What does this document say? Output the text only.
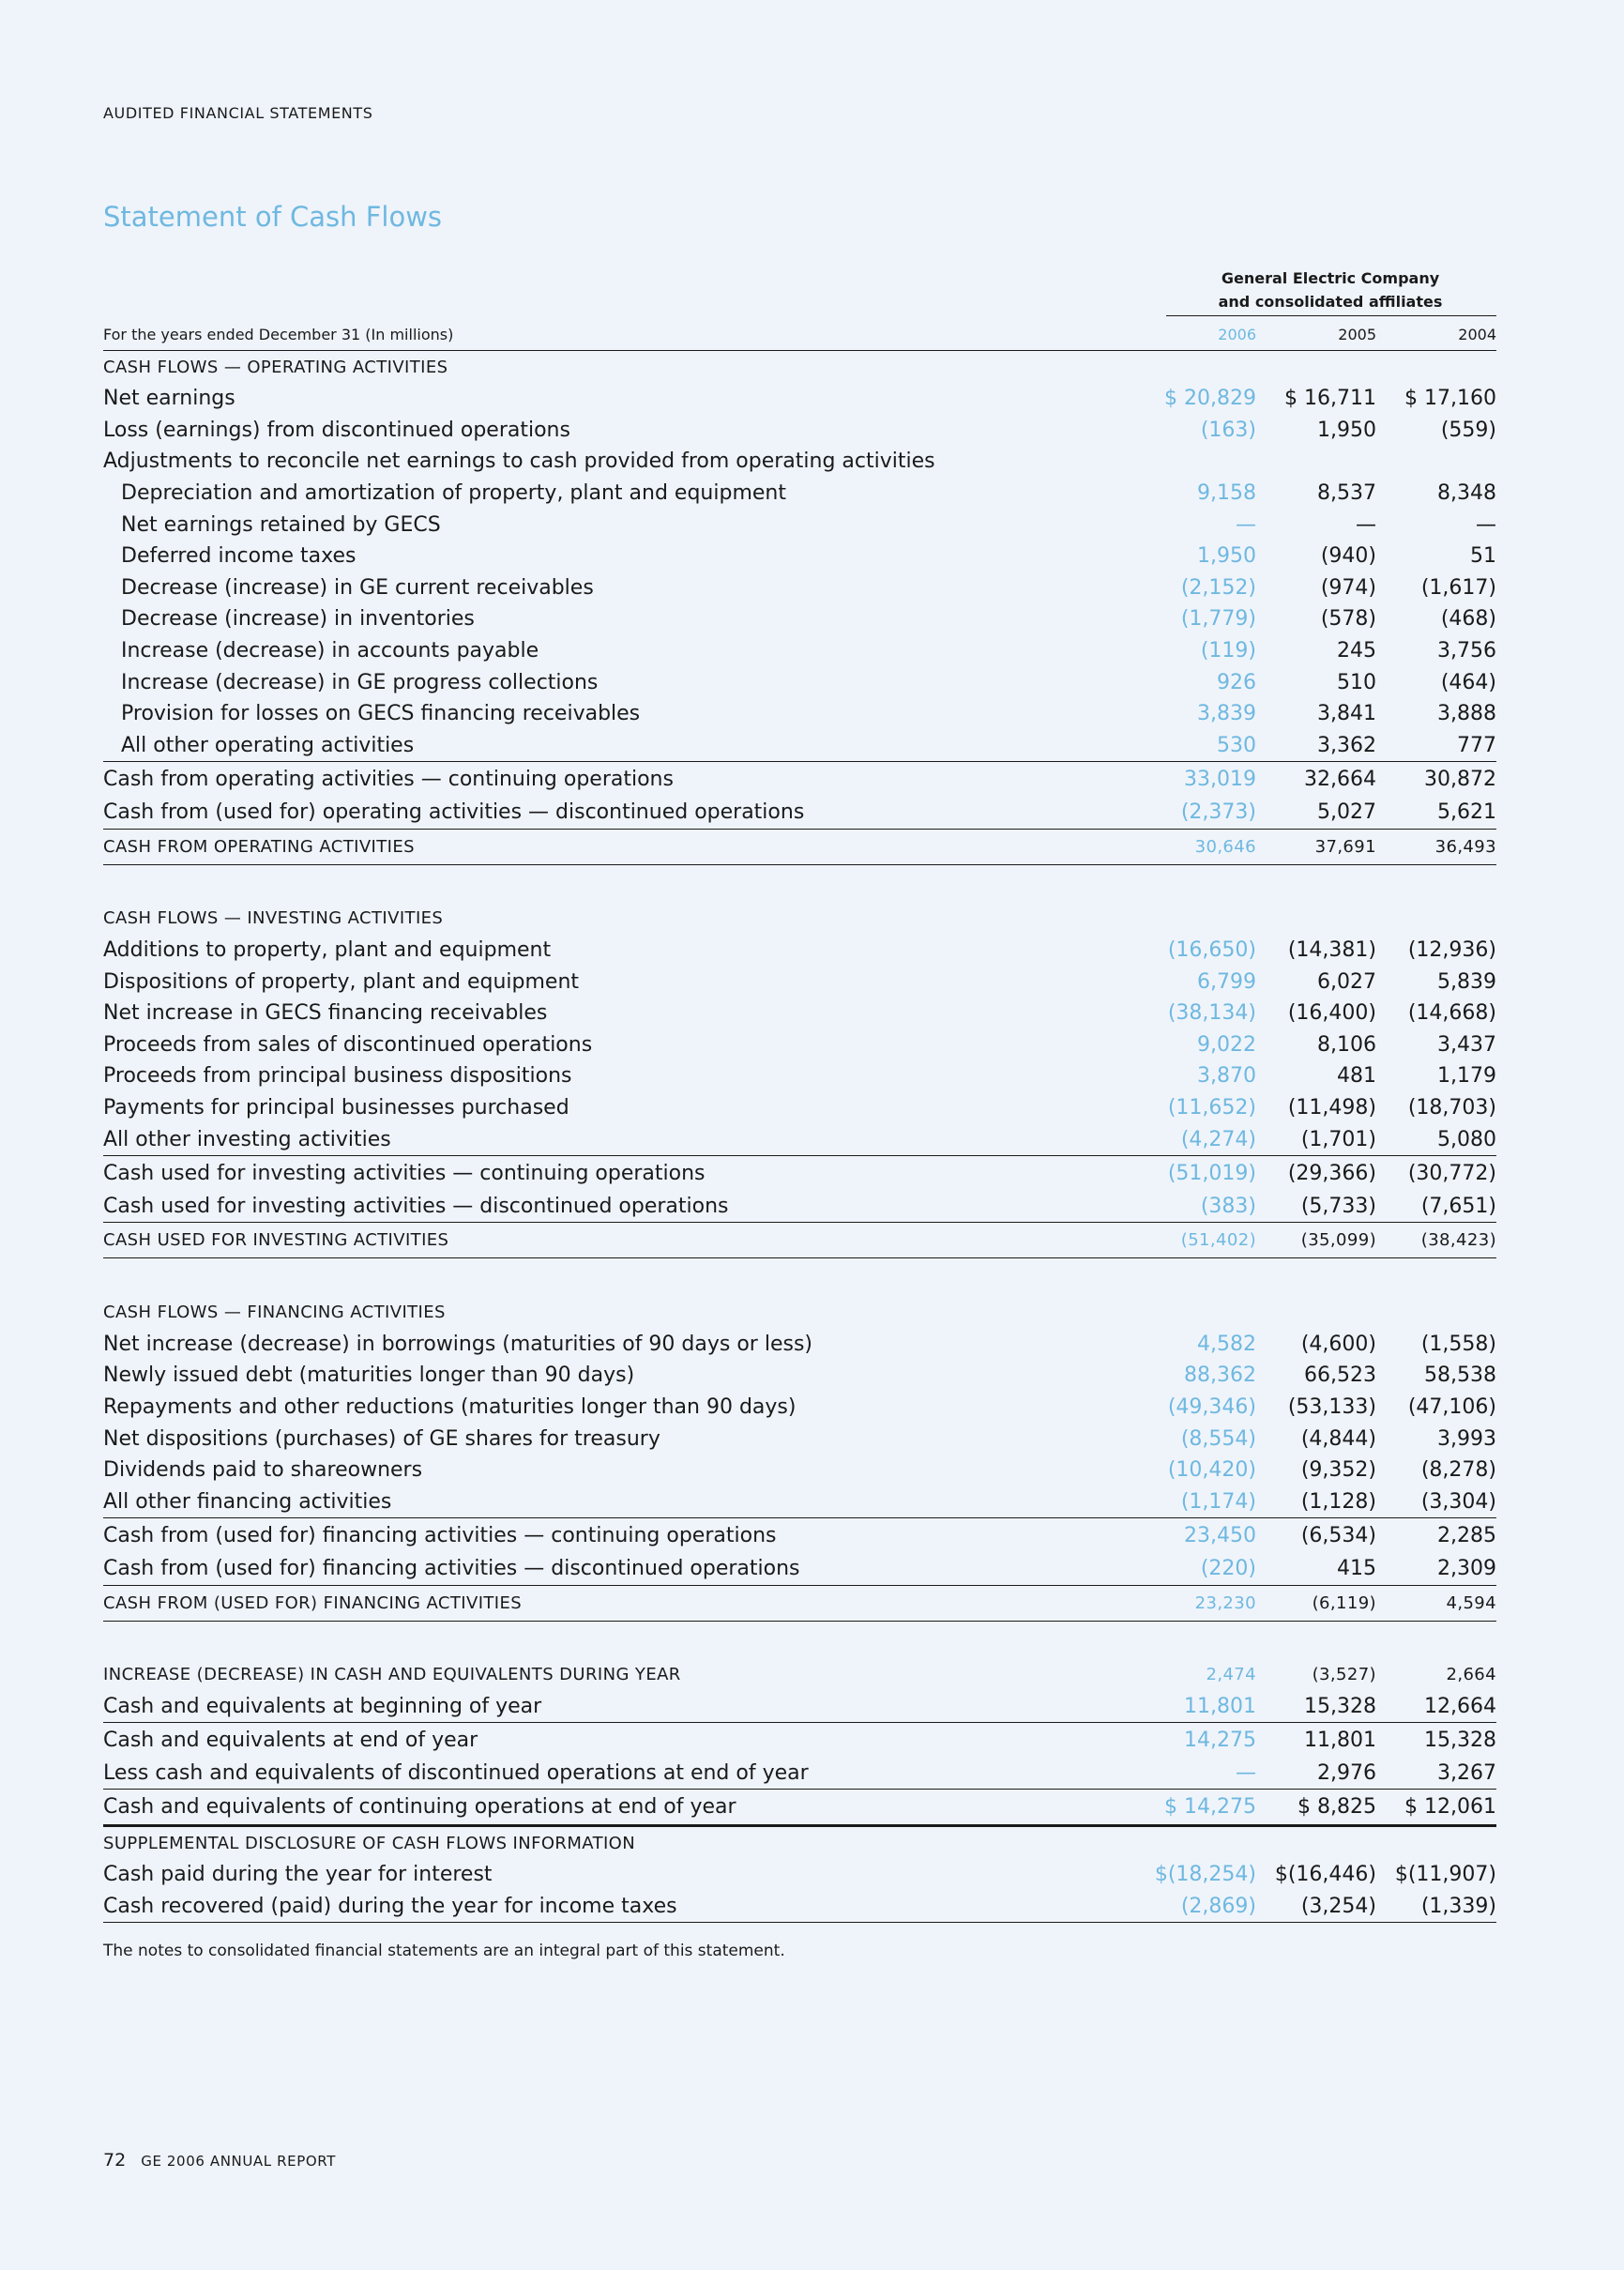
AUDITED FINANCIAL STATEMENTS
Statement of Cash Flows
General Electric Company
and consolidated affiliates
For the years ended December 31 (In millions)	2006	2005	2004
CASH FLOWS — OPERATING ACTIVITIES
Net earnings	$ 20,829	$ 16,711	$ 17,160
Loss (earnings) from discontinued operations	(163)	1,950	(559)
Adjustments to reconcile net earnings to cash provided from operating activities
Depreciation and amortization of property, plant and equipment	9,158	8,537	8,348
Net earnings retained by GECS	—	—	—
Deferred income taxes	1,950	(940)	51
Decrease (increase) in GE current receivables	(2,152)	(974)	(1,617)
Decrease (increase) in inventories	(1,779)	(578)	(468)
Increase (decrease) in accounts payable	(119)	245	3,756
Increase (decrease) in GE progress collections	926	510	(464)
Provision for losses on GECS financing receivables	3,839	3,841	3,888
All other operating activities	530	3,362	777
Cash from operating activities — continuing operations	33,019	32,664	30,872
Cash from (used for) operating activities — discontinued operations	(2,373)	5,027	5,621
CASH FROM OPERATING ACTIVITIES	30,646	37,691	36,493
CASH FLOWS — INVESTING ACTIVITIES
Additions to property, plant and equipment	(16,650)	(14,381)	(12,936)
Dispositions of property, plant and equipment	6,799	6,027	5,839
Net increase in GECS financing receivables	(38,134)	(16,400)	(14,668)
Proceeds from sales of discontinued operations	9,022	8,106	3,437
Proceeds from principal business dispositions	3,870	481	1,179
Payments for principal businesses purchased	(11,652)	(11,498)	(18,703)
All other investing activities	(4,274)	(1,701)	5,080
Cash used for investing activities — continuing operations	(51,019)	(29,366)	(30,772)
Cash used for investing activities — discontinued operations	(383)	(5,733)	(7,651)
CASH USED FOR INVESTING ACTIVITIES	(51,402)	(35,099)	(38,423)
CASH FLOWS — FINANCING ACTIVITIES
Net increase (decrease) in borrowings (maturities of 90 days or less)	4,582	(4,600)	(1,558)
Newly issued debt (maturities longer than 90 days)	88,362	66,523	58,538
Repayments and other reductions (maturities longer than 90 days)	(49,346)	(53,133)	(47,106)
Net dispositions (purchases) of GE shares for treasury	(8,554)	(4,844)	3,993
Dividends paid to shareowners	(10,420)	(9,352)	(8,278)
All other financing activities	(1,174)	(1,128)	(3,304)
Cash from (used for) financing activities — continuing operations	23,450	(6,534)	2,285
Cash from (used for) financing activities — discontinued operations	(220)	415	2,309
CASH FROM (USED FOR) FINANCING ACTIVITIES	23,230	(6,119)	4,594
INCREASE (DECREASE) IN CASH AND EQUIVALENTS DURING YEAR	2,474	(3,527)	2,664
Cash and equivalents at beginning of year	11,801	15,328	12,664
Cash and equivalents at end of year	14,275	11,801	15,328
Less cash and equivalents of discontinued operations at end of year	—	2,976	3,267
Cash and equivalents of continuing operations at end of year	$ 14,275	$ 8,825	$ 12,061
SUPPLEMENTAL DISCLOSURE OF CASH FLOWS INFORMATION
Cash paid during the year for interest	$(18,254) $(16,446) $(11,907)
Cash recovered (paid) during the year for income taxes	(2,869)	(3,254)	(1,339)
The notes to consolidated financial statements are an integral part of this statement.
72 GE 2006 ANNUAL REPORT
